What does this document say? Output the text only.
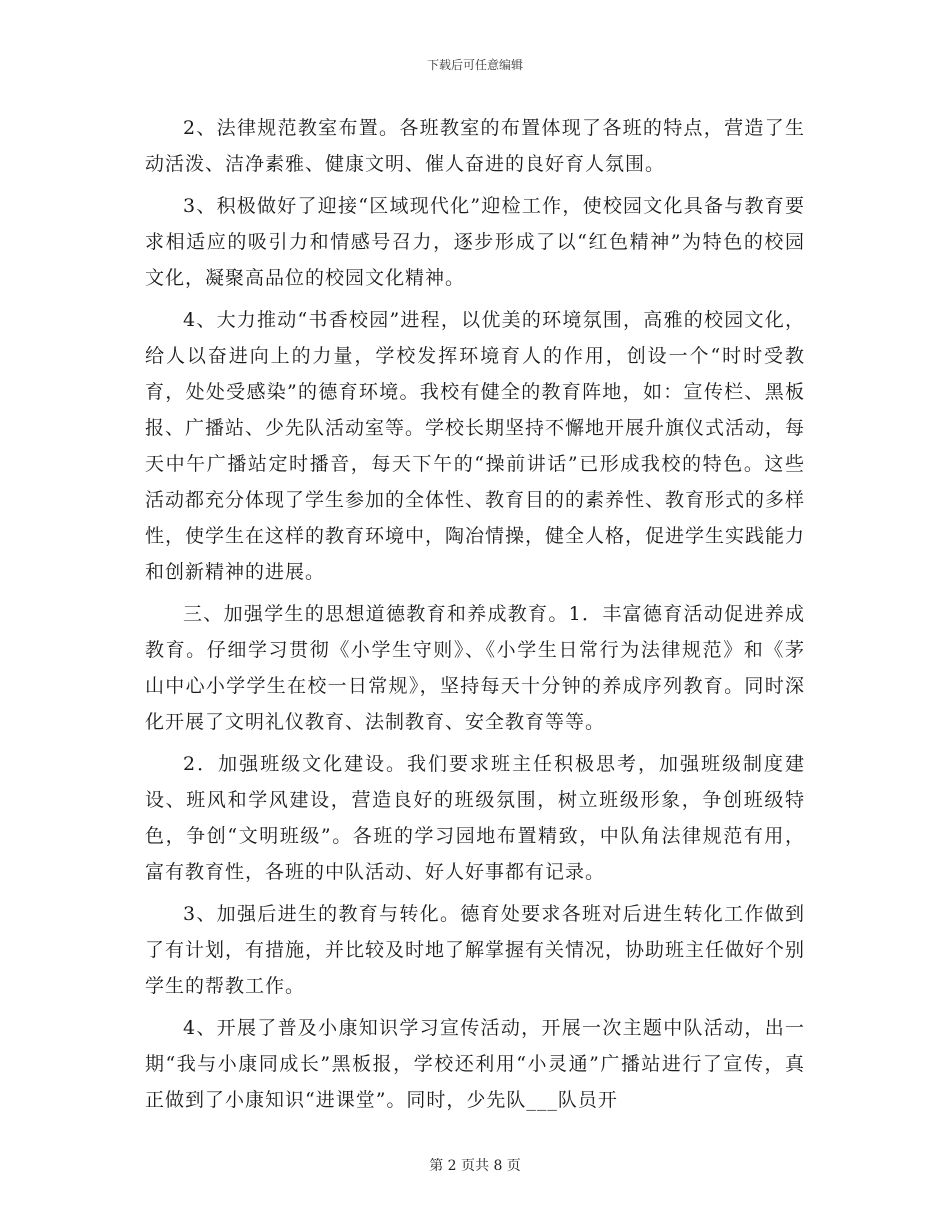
下载后可任意编辑

2、法律规范教室布置。各班教室的布置体现了各班的特点，营造了生动活泼、洁净素雅、健康文明、催人奋进的良好育人氛围。

3、积极做好了迎接“区域现代化”迎检工作，使校园文化具备与教育要求相适应的吸引力和情感号召力，逐步形成了以“红色精神”为特色的校园文化，凝聚高品位的校园文化精神。

4、大力推动“书香校园”进程，以优美的环境氛围，高雅的校园文化，给人以奋进向上的力量，学校发挥环境育人的作用，创设一个“时时受教育，处处受感染”的德育环境。我校有健全的教育阵地，如：宣传栏、黑板报、广播站、少先队活动室等。学校长期坚持不懈地开展升旗仪式活动，每天中午广播站定时播音，每天下午的“操前讲话”已形成我校的特色。这些活动都充分体现了学生参加的全体性、教育目的的素养性、教育形式的多样性，使学生在这样的教育环境中，陶冶情操，健全人格，促进学生实践能力和创新精神的进展。

三、加强学生的思想道德教育和养成教育。1．丰富德育活动促进养成教育。仔细学习贯彻《小学生守则》、《小学生日常行为法律规范》和《茅山中心小学学生在校一日常规》，坚持每天十分钟的养成序列教育。同时深化开展了文明礼仪教育、法制教育、安全教育等等。

2．加强班级文化建设。我们要求班主任积极思考，加强班级制度建设、班风和学风建设，营造良好的班级氛围，树立班级形象，争创班级特色，争创“文明班级”。各班的学习园地布置精致，中队角法律规范有用，富有教育性，各班的中队活动、好人好事都有记录。

3、加强后进生的教育与转化。德育处要求各班对后进生转化工作做到了有计划，有措施，并比较及时地了解掌握有关情况，协助班主任做好个别学生的帮教工作。

4、开展了普及小康知识学习宣传活动，开展一次主题中队活动，出一期“我与小康同成长”黑板报，学校还利用“小灵通”广播站进行了宣传，真正做到了小康知识“进课堂”。同时，少先队___队员开

第 2 页共 8 页
